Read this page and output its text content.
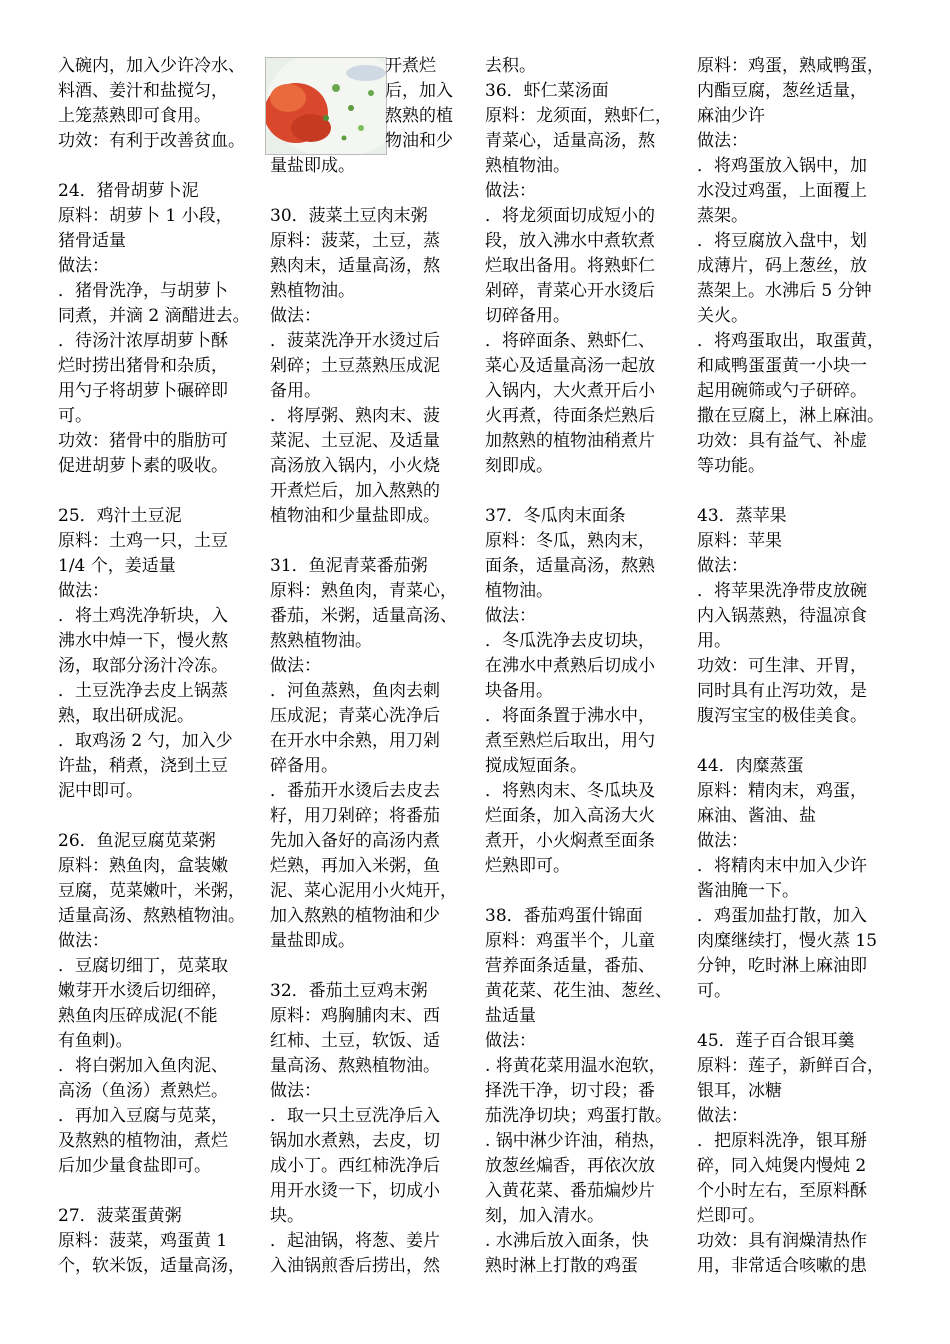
入碗内，加入少许冷水、
料酒、姜汁和盐搅匀，
上笼蒸熟即可食用。
功效：有利于改善贫血。
24．猪骨胡萝卜泥
原料：胡萝卜 1 小段，
猪骨适量
做法：
．猪骨洗净，与胡萝卜
同煮，并滴 2 滴醋进去。
．待汤汁浓厚胡萝卜酥
烂时捞出猪骨和杂质，
用勺子将胡萝卜碾碎即
可。
功效：猪骨中的脂肪可
促进胡萝卜素的吸收。
25．鸡汁土豆泥
原料：土鸡一只，土豆
1/4 个，姜适量
做法：
．将土鸡洗净斩块，入
沸水中焯一下，慢火熬
汤，取部分汤汁冷冻。
．土豆洗净去皮上锅蒸
熟，取出研成泥。
．取鸡汤 2 勺，加入少
许盐，稍煮，浇到土豆
泥中即可。
26．鱼泥豆腐苋菜粥
原料：熟鱼肉，盒装嫩
豆腐，苋菜嫩叶，米粥，
适量高汤、熬熟植物油。
做法：
．豆腐切细丁，苋菜取
嫩芽开水烫后切细碎，
熟鱼肉压碎成泥(不能
有鱼刺)。
．将白粥加入鱼肉泥、
高汤（鱼汤）煮熟烂。
．再加入豆腐与苋菜，
及熬熟的植物油，煮烂
后加少量食盐即可。
27．菠菜蛋黄粥
原料：菠菜，鸡蛋黄 1
个，软米饭，适量高汤，
开煮烂
后，加入
熬熟的植
物油和少
量盐即成。
30．菠菜土豆肉末粥
原料：菠菜，土豆，蒸
熟肉末，适量高汤，熬
熟植物油。
做法：
．菠菜洗净开水烫过后
剁碎；土豆蒸熟压成泥
备用。
．将厚粥、熟肉末、菠
菜泥、土豆泥、及适量
高汤放入锅内，小火烧
开煮烂后，加入熬熟的
植物油和少量盐即成。
31．鱼泥青菜番茄粥
原料：熟鱼肉，青菜心，
番茄，米粥，适量高汤、
熬熟植物油。
做法：
．河鱼蒸熟，鱼肉去刺
压成泥；青菜心洗净后
在开水中余熟，用刀剁
碎备用。
．番茄开水烫后去皮去
籽，用刀剁碎；将番茄
先加入备好的高汤内煮
烂熟，再加入米粥，鱼
泥、菜心泥用小火炖开，
加入熬熟的植物油和少
量盐即成。
32．番茄土豆鸡末粥
原料：鸡胸脯肉末、西
红柿、土豆，软饭、适
量高汤、熬熟植物油。
做法：
．取一只土豆洗净后入
锅加水煮熟，去皮，切
成小丁。西红柿洗净后
用开水烫一下，切成小
块。
．起油锅，将葱、姜片
入油锅煎香后捞出，然
去积。
36．虾仁菜汤面
原料：龙须面，熟虾仁，
青菜心，适量高汤，熬
熟植物油。
做法：
．将龙须面切成短小的
段，放入沸水中煮软煮
烂取出备用。将熟虾仁
剁碎，青菜心开水烫后
切碎备用。
．将碎面条、熟虾仁、
菜心及适量高汤一起放
入锅内，大火煮开后小
火再煮，待面条烂熟后
加熬熟的植物油稍煮片
刻即成。
37．冬瓜肉末面条
原料：冬瓜，熟肉末，
面条，适量高汤，熬熟
植物油。
做法：
．冬瓜洗净去皮切块，
在沸水中煮熟后切成小
块备用。
．将面条置于沸水中，
煮至熟烂后取出，用勺
搅成短面条。
．将熟肉末、冬瓜块及
烂面条，加入高汤大火
煮开，小火焖煮至面条
烂熟即可。
38．番茄鸡蛋什锦面
原料：鸡蛋半个，儿童
营养面条适量，番茄、
黄花菜、花生油、葱丝、
盐适量
做法：
. 将黄花菜用温水泡软，
择洗干净，切寸段；番
茄洗净切块；鸡蛋打散。
. 锅中淋少许油，稍热，
放葱丝煸香，再依次放
入黄花菜、番茄煸炒片
刻，加入清水。
. 水沸后放入面条，快
熟时淋上打散的鸡蛋
原料：鸡蛋，熟咸鸭蛋，
内酯豆腐，葱丝适量，
麻油少许
做法：
．将鸡蛋放入锅中，加
水没过鸡蛋，上面覆上
蒸架。
．将豆腐放入盘中，划
成薄片，码上葱丝，放
蒸架上。水沸后 5 分钟
关火。
．将鸡蛋取出，取蛋黄，
和咸鸭蛋蛋黄一小块一
起用碗筛或勺子研碎。
撒在豆腐上，淋上麻油。
功效：具有益气、补虚
等功能。
43．蒸苹果
原料：苹果
做法：
．将苹果洗净带皮放碗
内入锅蒸熟，待温凉食
用。
功效：可生津、开胃，
同时具有止泻功效，是
腹泻宝宝的极佳美食。
44．肉糜蒸蛋
原料：精肉末，鸡蛋，
麻油、酱油、盐
做法：
．将精肉末中加入少许
酱油腌一下。
．鸡蛋加盐打散，加入
肉糜继续打，慢火蒸 15
分钟，吃时淋上麻油即
可。
45．莲子百合银耳羹
原料：莲子，新鲜百合，
银耳，冰糖
做法：
．把原料洗净，银耳掰
碎，同入炖煲内慢炖 2
个小时左右，至原料酥
烂即可。
功效：具有润燥清热作
用，非常适合咳嗽的患
